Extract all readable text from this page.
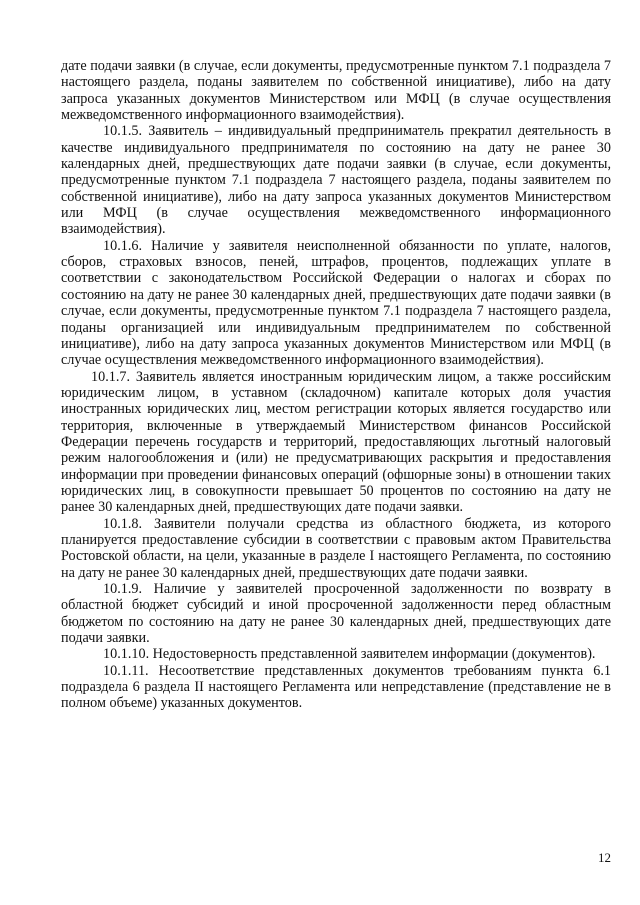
дате подачи заявки (в случае, если документы, предусмотренные пунктом 7.1 подраздела 7 настоящего раздела, поданы заявителем по собственной инициативе), либо на дату запроса указанных документов Министерством или МФЦ (в случае осуществления межведомственного информационного взаимодействия).

10.1.5. Заявитель – индивидуальный предприниматель прекратил деятельность в качестве индивидуального предпринимателя по состоянию на дату не ранее 30 календарных дней, предшествующих дате подачи заявки (в случае, если документы, предусмотренные пунктом 7.1 подраздела 7 настоящего раздела, поданы заявителем по собственной инициативе), либо на дату запроса указанных документов Министерством или МФЦ (в случае осуществления межведомственного информационного взаимодействия).

10.1.6. Наличие у заявителя неисполненной обязанности по уплате, налогов, сборов, страховых взносов, пеней, штрафов, процентов, подлежащих уплате в соответствии с законодательством Российской Федерации о налогах и сборах по состоянию на дату не ранее 30 календарных дней, предшествующих дате подачи заявки (в случае, если документы, предусмотренные пунктом 7.1 подраздела 7 настоящего раздела, поданы организацией или индивидуальным предпринимателем по собственной инициативе), либо на дату запроса указанных документов Министерством или МФЦ (в случае осуществления межведомственного информационного взаимодействия).

10.1.7. Заявитель является иностранным юридическим лицом, а также российским юридическим лицом, в уставном (складочном) капитале которых доля участия иностранных юридических лиц, местом регистрации которых является государство или территория, включенные в утверждаемый Министерством финансов Российской Федерации перечень государств и территорий, предоставляющих льготный налоговый режим налогообложения и (или) не предусматривающих раскрытия и предоставления информации при проведении финансовых операций (офшорные зоны) в отношении таких юридических лиц, в совокупности превышает 50 процентов по состоянию на дату не ранее 30 календарных дней, предшествующих дате подачи заявки.

10.1.8. Заявители получали средства из областного бюджета, из которого планируется предоставление субсидии в соответствии с правовым актом Правительства Ростовской области, на цели, указанные в разделе I настоящего Регламента, по состоянию на дату не ранее 30 календарных дней, предшествующих дате подачи заявки.

10.1.9. Наличие у заявителей просроченной задолженности по возврату в областной бюджет субсидий и иной просроченной задолженности перед областным бюджетом по состоянию на дату не ранее 30 календарных дней, предшествующих дате подачи заявки.

10.1.10. Недостоверность представленной заявителем информации (документов).

10.1.11. Несоответствие представленных документов требованиям пункта 6.1 подраздела 6 раздела II настоящего Регламента или непредставление (представление не в полном объеме) указанных документов.

12
